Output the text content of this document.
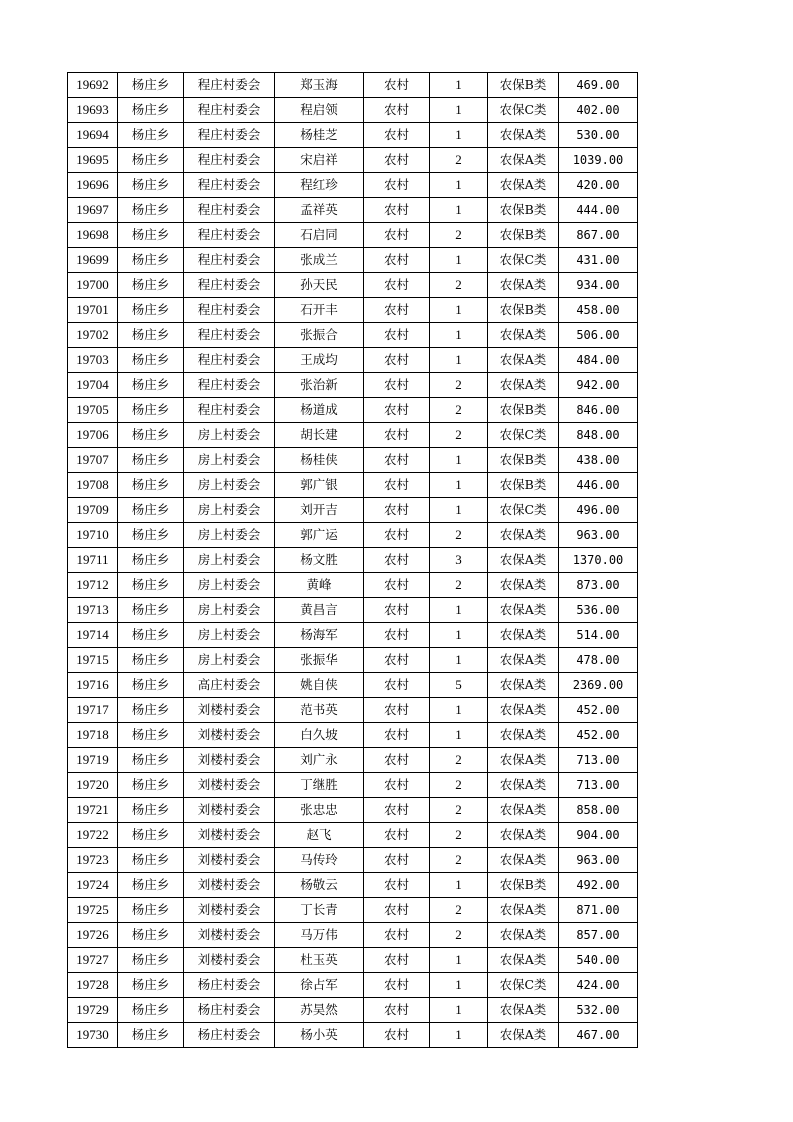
19692	杨庄乡	程庄村委会	郑玉海	农村	1	农保B类	469.00
19693	杨庄乡	程庄村委会	程启领	农村	1	农保C类	402.00
19694	杨庄乡	程庄村委会	杨桂芝	农村	1	农保A类	530.00
19695	杨庄乡	程庄村委会	宋启祥	农村	2	农保A类	1039.00
19696	杨庄乡	程庄村委会	程红珍	农村	1	农保A类	420.00
19697	杨庄乡	程庄村委会	孟祥英	农村	1	农保B类	444.00
19698	杨庄乡	程庄村委会	石启同	农村	2	农保B类	867.00
19699	杨庄乡	程庄村委会	张成兰	农村	1	农保C类	431.00
19700	杨庄乡	程庄村委会	孙天民	农村	2	农保A类	934.00
19701	杨庄乡	程庄村委会	石开丰	农村	1	农保B类	458.00
19702	杨庄乡	程庄村委会	张振合	农村	1	农保A类	506.00
19703	杨庄乡	程庄村委会	王成均	农村	1	农保A类	484.00
19704	杨庄乡	程庄村委会	张治新	农村	2	农保A类	942.00
19705	杨庄乡	程庄村委会	杨道成	农村	2	农保B类	846.00
19706	杨庄乡	房上村委会	胡长建	农村	2	农保C类	848.00
19707	杨庄乡	房上村委会	杨桂侠	农村	1	农保B类	438.00
19708	杨庄乡	房上村委会	郭广银	农村	1	农保B类	446.00
19709	杨庄乡	房上村委会	刘开吉	农村	1	农保C类	496.00
19710	杨庄乡	房上村委会	郭广运	农村	2	农保A类	963.00
19711	杨庄乡	房上村委会	杨文胜	农村	3	农保A类	1370.00
19712	杨庄乡	房上村委会	黄峰	农村	2	农保A类	873.00
19713	杨庄乡	房上村委会	黄昌言	农村	1	农保A类	536.00
19714	杨庄乡	房上村委会	杨海军	农村	1	农保A类	514.00
19715	杨庄乡	房上村委会	张振华	农村	1	农保A类	478.00
19716	杨庄乡	高庄村委会	姚自侠	农村	5	农保A类	2369.00
19717	杨庄乡	刘楼村委会	范书英	农村	1	农保A类	452.00
19718	杨庄乡	刘楼村委会	白久坡	农村	1	农保A类	452.00
19719	杨庄乡	刘楼村委会	刘广永	农村	2	农保A类	713.00
19720	杨庄乡	刘楼村委会	丁继胜	农村	2	农保A类	713.00
19721	杨庄乡	刘楼村委会	张忠忠	农村	2	农保A类	858.00
19722	杨庄乡	刘楼村委会	赵飞	农村	2	农保A类	904.00
19723	杨庄乡	刘楼村委会	马传玲	农村	2	农保A类	963.00
19724	杨庄乡	刘楼村委会	杨敬云	农村	1	农保B类	492.00
19725	杨庄乡	刘楼村委会	丁长青	农村	2	农保A类	871.00
19726	杨庄乡	刘楼村委会	马万伟	农村	2	农保A类	857.00
19727	杨庄乡	刘楼村委会	杜玉英	农村	1	农保A类	540.00
19728	杨庄乡	杨庄村委会	徐占军	农村	1	农保C类	424.00
19729	杨庄乡	杨庄村委会	苏昊然	农村	1	农保A类	532.00
19730	杨庄乡	杨庄村委会	杨小英	农村	1	农保A类	467.00
